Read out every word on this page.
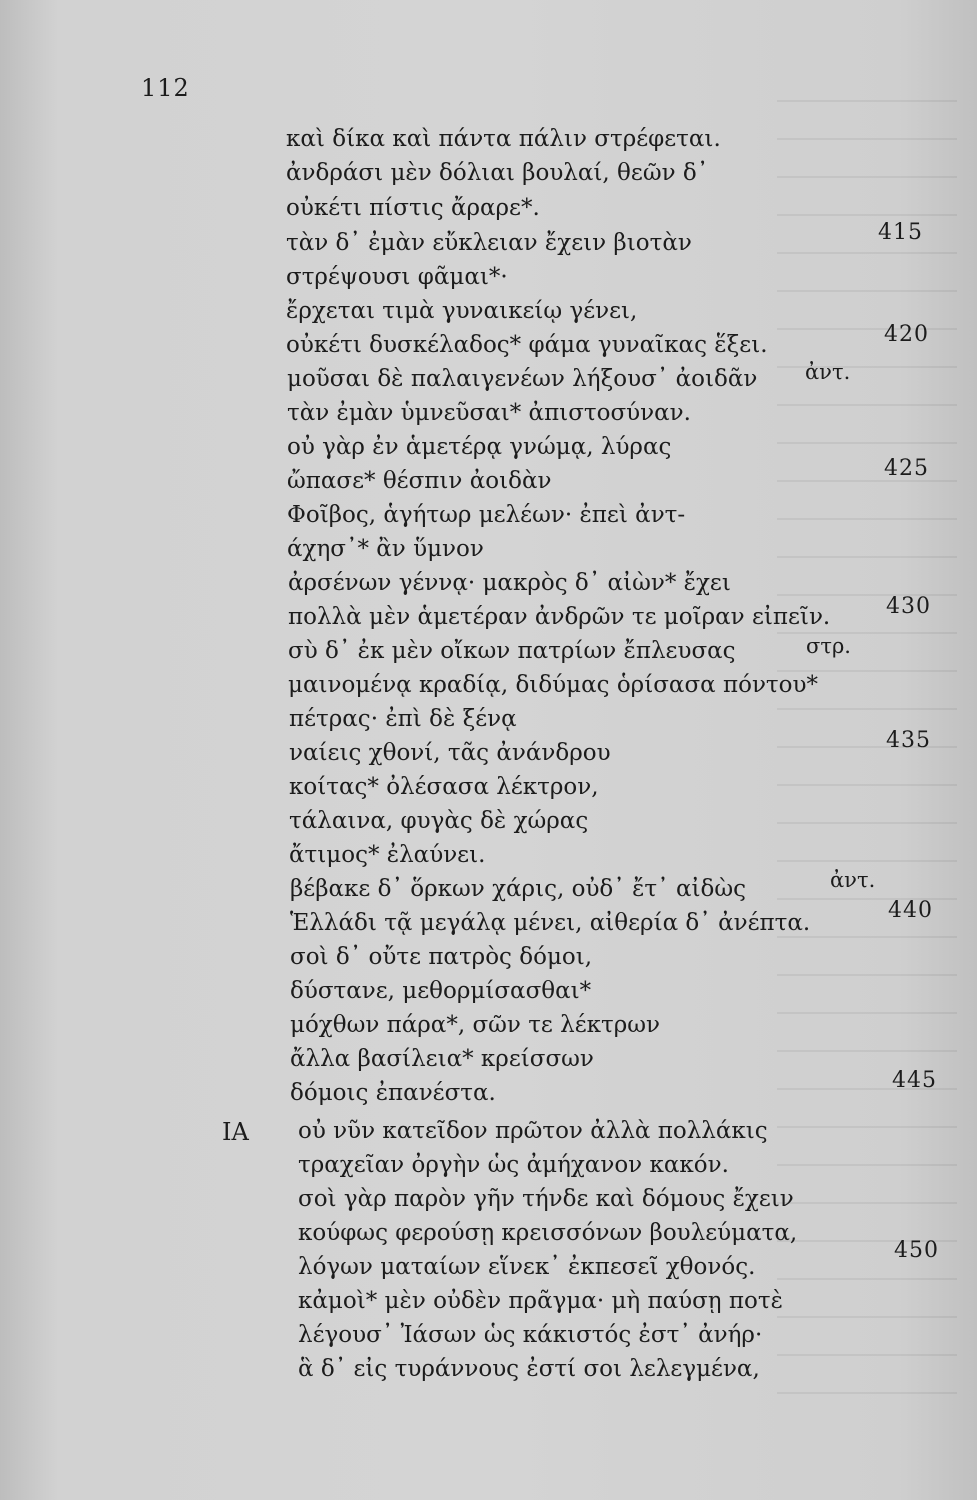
112
καὶ δίκα καὶ πάντα πάλιν στρέφεται.
ἀνδράσι μὲν δόλιαι βουλαί, θεῶν δ᾿
οὐκέτι πίστις ἄραρε*.
τὰν δ᾿ ἐμὰν εὔκλειαν ἔχειν βιοτὰν
στρέψουσι φᾶμαι*·
ἔρχεται τιμὰ γυναικείῳ γένει,
οὐκέτι δυσκέλαδος* φάμα γυναῖκας ἕξει.
μοῦσαι δὲ παλαιγενέων λήξουσ᾿ ἀοιδᾶν
τὰν ἐμὰν ὑμνεῦσαι* ἀπιστοσύναν.
οὐ γὰρ ἐν ἁμετέρᾳ γνώμᾳ, λύρας
ὤπασε* θέσπιν ἀοιδὰν
Φοῖβος, ἁγήτωρ μελέων· ἐπεὶ ἀντ-
άχησ᾿* ἂν ὕμνον
ἀρσένων γέννᾳ· μακρὸς δ᾿ αἰὼν* ἔχει
πολλὰ μὲν ἁμετέραν ἀνδρῶν τε μοῖραν εἰπεῖν.
σὺ δ᾿ ἐκ μὲν οἴκων πατρίων ἔπλευσας
μαινομένᾳ κραδίᾳ, διδύμας ὁρίσασα πόντου*
πέτρας· ἐπὶ δὲ ξένᾳ
ναίεις χθονί, τᾶς ἀνάνδρου
κοίτας* ὀλέσασα λέκτρον,
τάλαινα, φυγὰς δὲ χώρας
ἄτιμος* ἐλαύνει.
βέβακε δ᾿ ὅρκων χάρις, οὐδ᾿ ἔτ᾿ αἰδὼς
Ἑλλάδι τᾷ μεγάλᾳ μένει, αἰθερία δ᾿ ἀνέπτα.
σοὶ δ᾿ οὔτε πατρὸς δόμοι,
δύστανε, μεθορμίσασθαι*
μόχθων πάρα*, σῶν τε λέκτρων
ἄλλα βασίλεια* κρείσσων
δόμοις ἐπανέστα.
οὐ νῦν κατεῖδον πρῶτον ἀλλὰ πολλάκις
τραχεῖαν ὀργὴν ὡς ἀμήχανον κακόν.
σοὶ γὰρ παρὸν γῆν τήνδε καὶ δόμους ἔχειν
κούφως φερούσῃ κρεισσόνων βουλεύματα,
λόγων ματαίων εἵνεκ᾿ ἐκπεσεῖ χθονός.
κἀμοὶ* μὲν οὐδὲν πρᾶγμα· μὴ παύσῃ ποτὲ
λέγουσ᾿ Ἰάσων ὡς κάκιστός ἐστ᾿ ἀνήρ·
ἃ δ᾿ εἰς τυράννους ἐστί σοι λελεγμένα,
ΙΑ
ἀντ.
στρ.
ἀντ.
415
420
425
430
435
440
445
450
